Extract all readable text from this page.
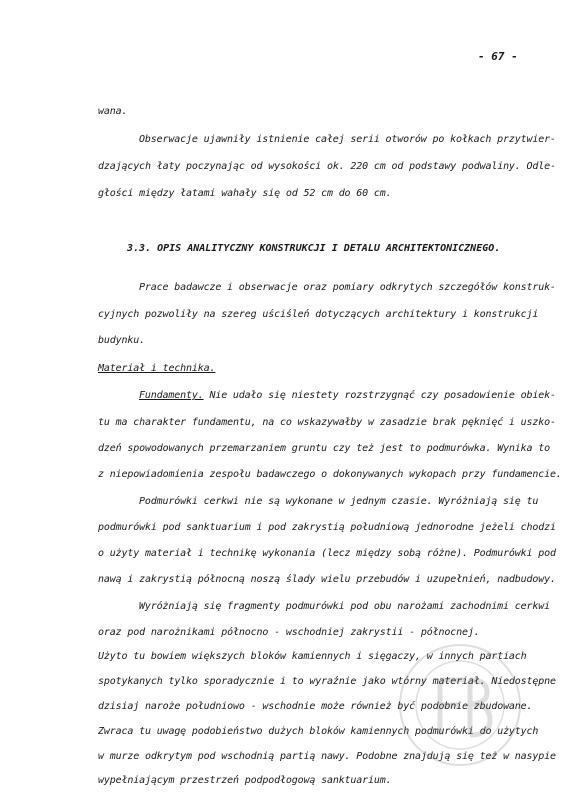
- 67 -
wana.
Obserwacje ujawniły istnienie całej serii otworów po kołkach przytwier-
dzających łaty poczynając od wysokości ok. 220 cm od podstawy podwaliny. Odle-
głości między łatami wahały się od 52 cm do 60 cm.
3.3. OPIS ANALITYCZNY KONSTRUKCJI I DETALU ARCHITEKTONICZNEGO.
Prace badawcze i obserwacje oraz pomiary odkrytych szczegółów konstruk-
cyjnych pozwoliły na szereg uściśleń dotyczących architektury i konstrukcji
budynku.
Materiał i technika.
Fundamenty. Nie udało się niestety rozstrzygnąć czy posadowienie obiek-
tu ma charakter fundamentu, na co wskazywałby w zasadzie brak pęknięć i uszko-
dzeń spowodowanych przemarzaniem gruntu czy też jest to podmurówka. Wynika to
z niepowiadomienia zespołu badawczego o dokonywanych wykopach przy fundamencie.
Podmurówki cerkwi nie są wykonane w jednym czasie. Wyróżniają się tu
podmurówki pod sanktuarium i pod zakrystią południową jednorodne jeżeli chodzi
o użyty materiał i technikę wykonania (lecz między sobą różne). Podmurówki pod
nawą i zakrystią północną noszą ślady wielu przebudów i uzupełnień, nadbudowy.
Wyróżniają się fragmenty podmurówki pod obu narożami zachodnimi cerkwi
oraz pod narożnikami północno - wschodniej zakrystii - północnej.
Użyto tu bowiem większych bloków kamiennych i sięgaczy, w innych partiach
spotykanych tylko sporadycznie i to wyraźnie jako wtórny materiał. Niedostępne
dzisiaj naroże południowo - wschodnie może również być podobnie zbudowane.
Zwraca tu uwagę podobieństwo dużych bloków kamiennych podmurówki do użytych
w murze odkrytym pod wschodnią partią nawy. Podobne znajdują się też w nasypie
wypełniającym przestrzeń podpodłogową sanktuarium.
